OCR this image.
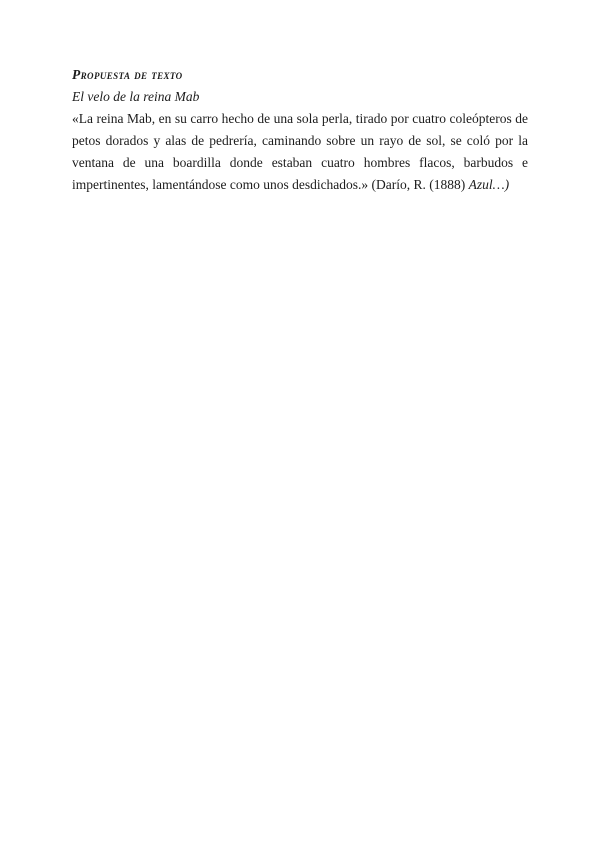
Propuesta de texto
El velo de la reina Mab

«La reina Mab, en su carro hecho de una sola perla, tirado por cuatro coleópteros de petos dorados y alas de pedrería, caminando sobre un rayo de sol, se coló por la ventana de una boardilla donde estaban cuatro hombres flacos, barbudos e impertinentes, lamentándose como unos desdichados.» (Darío, R. (1888) Azul…)
